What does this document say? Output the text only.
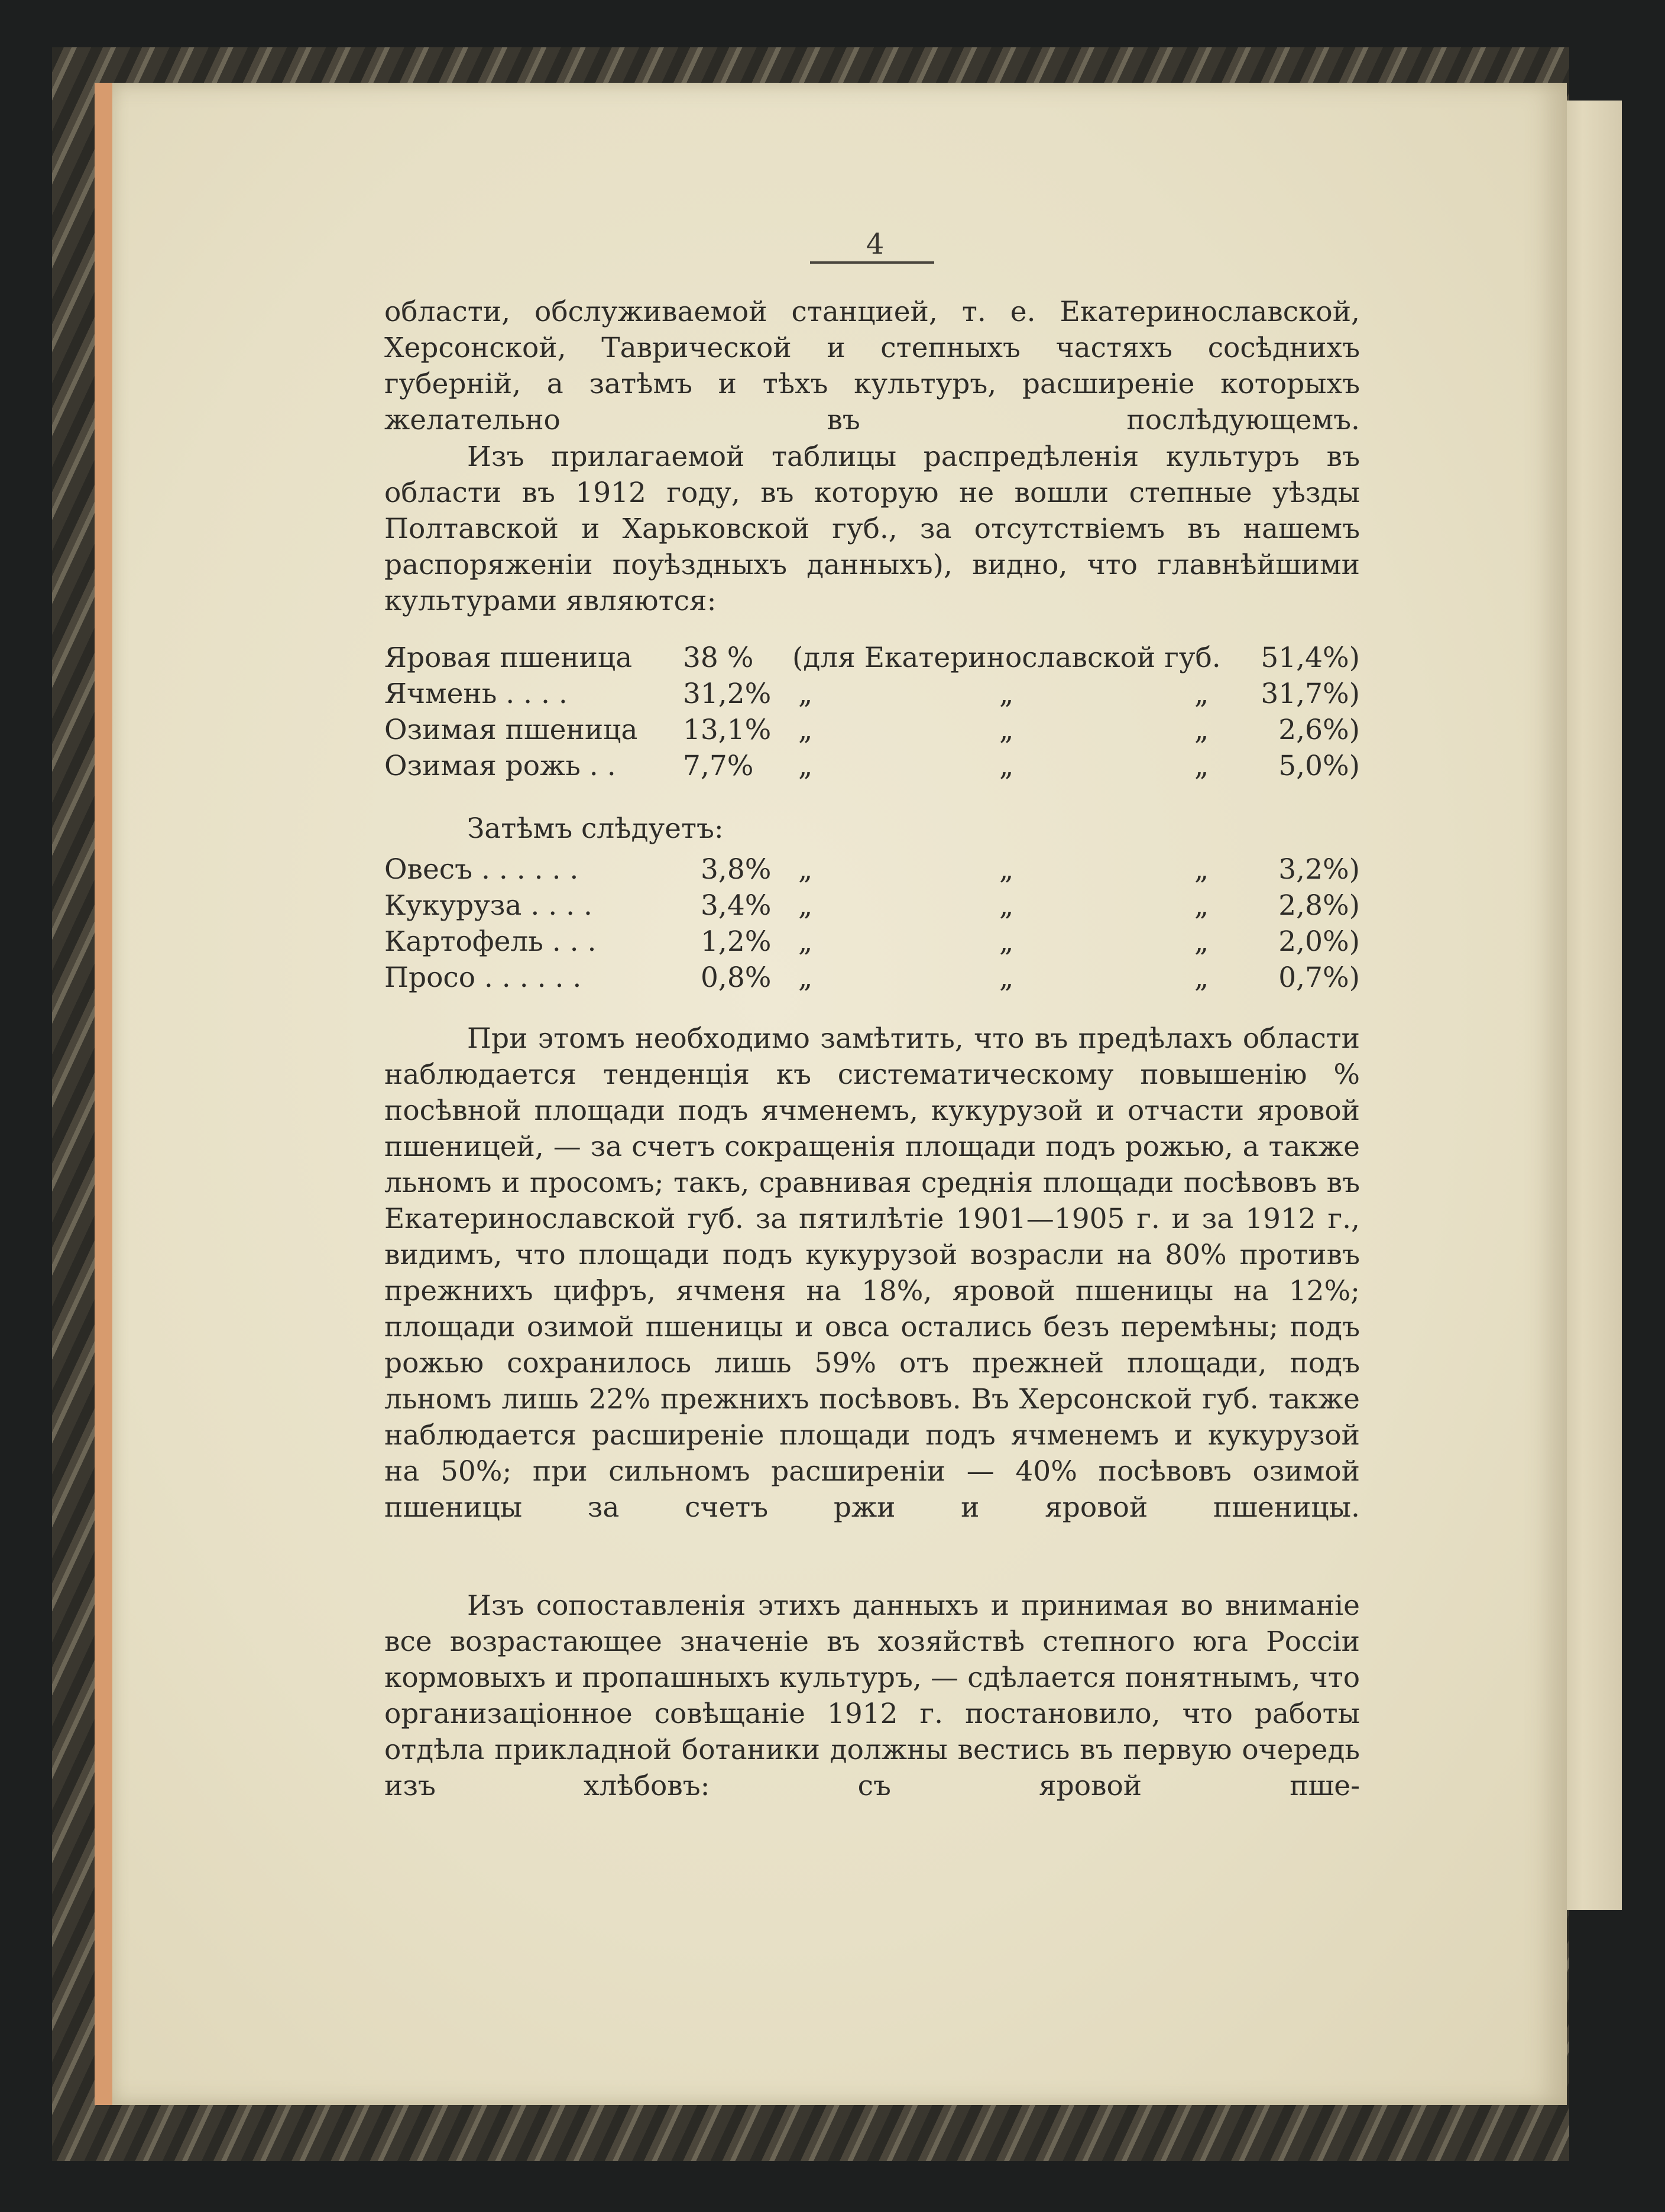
4
области, обслуживаемой станцией, т. е. Екатеринославской, Херсонской, Таврической и степныхъ частяхъ сосѣднихъ губерній, а затѣмъ и тѣхъ культуръ, расширеніе которыхъ желательно въ послѣдующемъ.
Изъ прилагаемой таблицы распредѣленія культуръ въ области въ 1912 году, въ которую не вошли степные уѣзды Полтавской и Харьковской губ., за отсутствіемъ въ нашемъ распоряженіи поуѣздныхъ данныхъ), видно, что главнѣйшими культурами являются:
Яровая пшеница 38 %	(для Екатеринославской губ.	51,4%)
Ячмень . . . .	31,2% „	„	„	31,7%)
Озимая пшеница 13,1% „	„	„	2,6%)
Озимая рожь . . 7,7%	„	„	„	5,0%)
Затѣмъ слѣдуетъ:
Овесъ . . . . . .	3,8% „	„	„	3,2%)
Кукуруза . . . .	3,4% „	„	„	2,8%)
Картофель . . .	1,2% „	„	„	2,0%)
Просо . . . . . .	0,8% „	„	„	0,7%)
При этомъ необходимо замѣтить, что въ предѣлахъ области наблюдается тенденція къ систематическому повышенію % посѣвной площади подъ ячменемъ, кукурузой и отчасти яровой пшеницей, — за счетъ сокращенія площади подъ рожью, а также льномъ и просомъ; такъ, сравнивая среднія площади посѣвовъ въ Екатеринославской губ. за пятилѣтіе 1901—1905 г. и за 1912 г., видимъ, что площади подъ кукурузой возрасли на 80% противъ прежнихъ цифръ, ячменя на 18%, яровой пшеницы на 12%; площади озимой пшеницы и овса остались безъ перемѣны; подъ рожью сохранилось лишь 59% отъ прежней площади, подъ льномъ лишь 22% прежнихъ посѣвовъ. Въ Херсонской губ. также наблюдается расширеніе площади подъ ячменемъ и кукурузой на 50%; при сильномъ расширеніи — 40% посѣвовъ озимой пшеницы за счетъ ржи и яровой пшеницы.
Изъ сопоставленія этихъ данныхъ и принимая во вниманіе все возрастающее значеніе въ хозяйствѣ степного юга Россіи кормовыхъ и пропашныхъ культуръ, — сдѣлается понятнымъ, что организаціонное совѣщаніе 1912 г. постановило, что работы отдѣла прикладной ботаники должны вестись въ первую очередь изъ хлѣбовъ: съ яровой пше-
